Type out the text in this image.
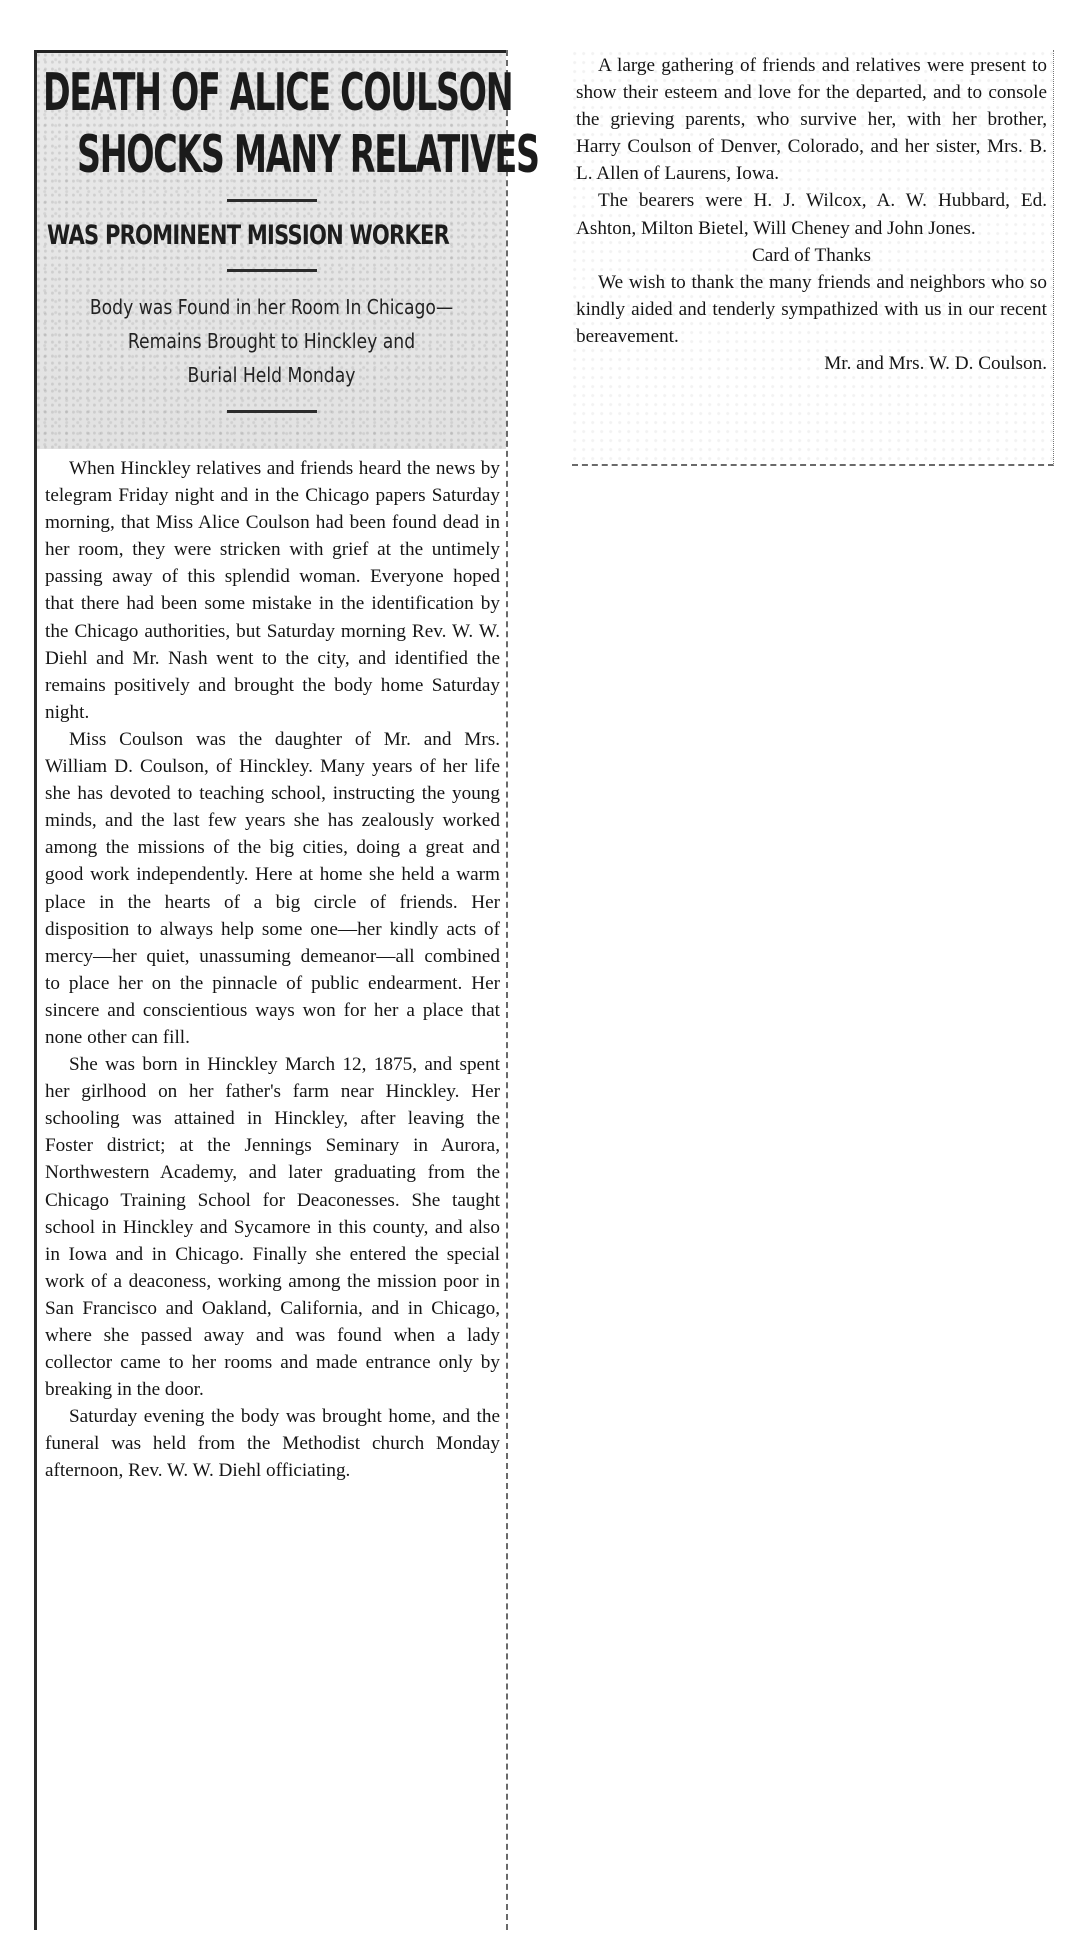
DEATH OF ALICE COULSON
SHOCKS MANY RELATIVES
WAS PROMINENT MISSION WORKER
Body was Found in her Room In Chicago—
Remains Brought to Hinckley and
Burial Held Monday

When Hinckley relatives and friends heard the news by telegram Friday night and in the Chicago papers Saturday morning, that Miss Alice Coulson had been found dead in her room, they were stricken with grief at the untimely passing away of this splendid woman. Everyone hoped that there had been some mistake in the identification by the Chicago authorities, but Saturday morning Rev. W. W. Diehl and Mr. Nash went to the city, and identified the remains positively and brought the body home Saturday night.

Miss Coulson was the daughter of Mr. and Mrs. William D. Coulson, of Hinckley. Many years of her life she has devoted to teaching school, instructing the young minds, and the last few years she has zealously worked among the missions of the big cities, doing a great and good work independently. Here at home she held a warm place in the hearts of a big circle of friends. Her disposition to always help some one—her kindly acts of mercy—her quiet, unassuming demeanor—all combined to place her on the pinnacle of public endearment. Her sincere and conscientious ways won for her a place that none other can fill.

She was born in Hinckley March 12, 1875, and spent her girlhood on her father's farm near Hinckley. Her schooling was attained in Hinckley, after leaving the Foster district; at the Jennings Seminary in Aurora, Northwestern Academy, and later graduating from the Chicago Training School for Deaconesses. She taught school in Hinckley and Sycamore in this county, and also in Iowa and in Chicago. Finally she entered the special work of a deaconess, working among the mission poor in San Francisco and Oakland, California, and in Chicago, where she passed away and was found when a lady collector came to her rooms and made entrance only by breaking in the door.

Saturday evening the body was brought home, and the funeral was held from the Methodist church Monday afternoon, Rev. W. W. Diehl officiating.

A large gathering of friends and relatives were present to show their esteem and love for the departed, and to console the grieving parents, who survive her, with her brother, Harry Coulson of Denver, Colorado, and her sister, Mrs. B. L. Allen of Laurens, Iowa.

The bearers were H. J. Wilcox, A. W. Hubbard, Ed. Ashton, Milton Bietel, Will Cheney and John Jones.

Card of Thanks

We wish to thank the many friends and neighbors who so kindly aided and tenderly sympathized with us in our recent bereavement.

Mr. and Mrs. W. D. Coulson.
